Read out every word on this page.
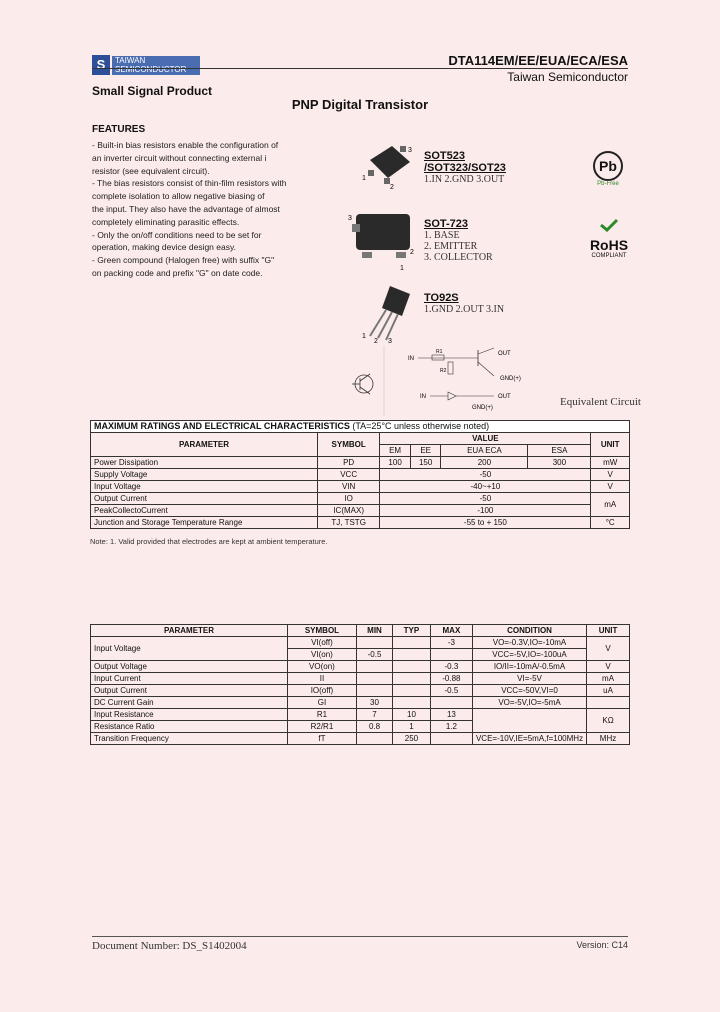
S	TAIWAN
SEMICONDUCTOR
DTA114EM/EE/EUA/ECA/ESA
Taiwan Semiconductor
Small Signal Product
PNP Digital Transistor
FEATURES
- Built-in bias resistors enable the configuration of
an inverter circuit without connecting external i
resistor (see equivalent circuit).
- The bias resistors consist of thin-film resistors with
complete isolation to allow negative biasing of
the input. They also have the advantage of almost
completely eliminating parasitic effects.
- Only the on/off conditions need to be set for
operation, making device design easy.
- Green compound (Halogen free) with suffix "G"
on packing code and prefix "G" on date code.
3
1
2
SOT523
/SOT323/SOT23
1.IN 2.GND 3.OUT
3
1
2
SOT-723
1. BASE
2. EMITTER
3. COLLECTOR
1
2 3
TO92S
1.GND 2.OUT 3.IN
Pb
Pb-Free
RoHS
COMPLIANT
IN
R1
R2
OUT
GND(+)
IN	OUT
GND(+)	Equivalent Circuit
MAXIMUM RATINGS AND ELECTRICAL CHARACTERISTICS (TA=25°C unless otherwise noted)						
PARAMETER	SYMBOL	VALUE				UNIT
		EM	EE	EUA ECA	ESA	
Power Dissipation	PD	100	150	200	300	mW
Supply Voltage	VCC	-50				V
Input Voltage	VIN	-40~+10				V
Output Current	IO	-50				mA
PeakCollectoCurrent	IC(MAX)	-100				
Junction and Storage Temperature Range	TJ, TSTG	-55 to + 150				°C
Note: 1. Valid provided that electrodes are kept at ambient temperature.
PARAMETER	SYMBOL	MIN	TYP	MAX	CONDITION	UNIT
Input Voltage	VI(off)			-3	VO=-0.3V,IO=-10mA	V
	VI(on)	-0.5			VCC=-5V,IO=-100uA	
Output Voltage	VO(on)			-0.3	IO/II=-10mA/-0.5mA	V
Input Current	II			-0.88	VI=-5V	mA
Output Current	IO(off)			-0.5	VCC=-50V,VI=0	uA
DC Current Gain	GI	30			VO=-5V,IO=-5mA	
Input Resistance	R1	7	10	13		KΩ
Resistance Ratio	R2/R1	0.8	1	1.2		
Transition Frequency	fT		250		VCE=-10V,IE=5mA,f=100MHz	MHz
Document Number: DS_S1402004	Version: C14
